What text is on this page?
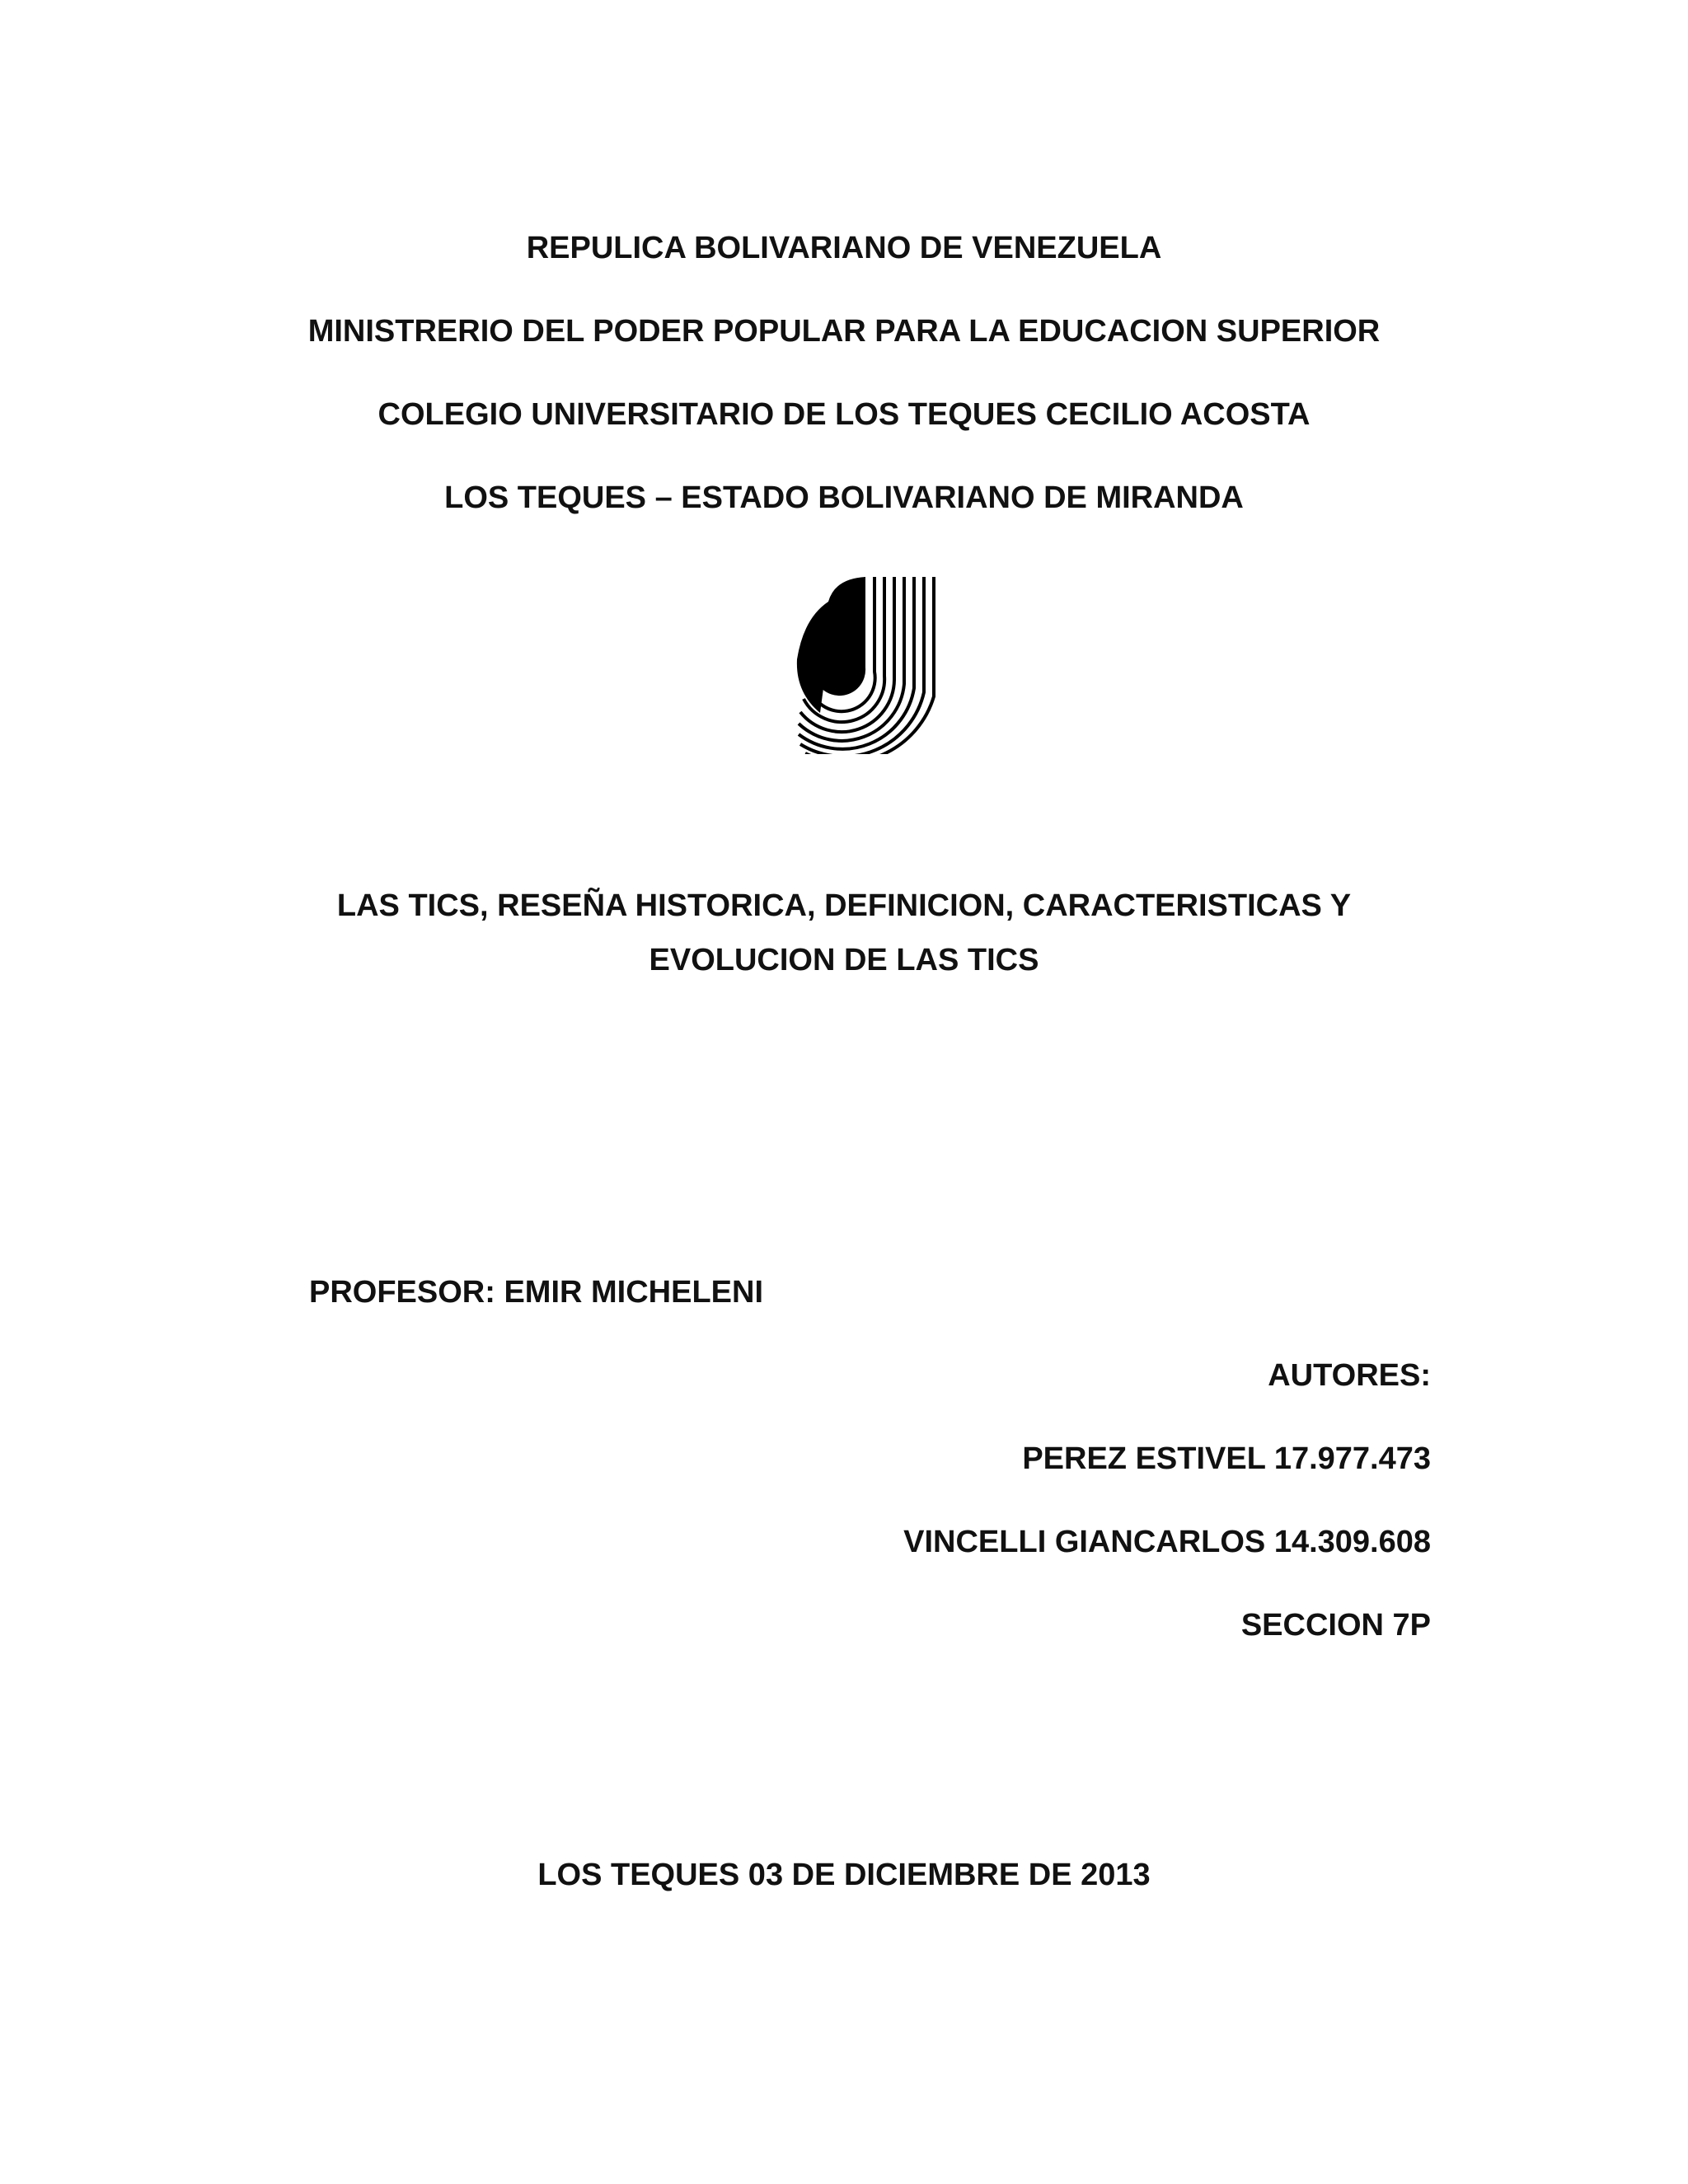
REPULICA BOLIVARIANO DE VENEZUELA

MINISTRERIO DEL PODER POPULAR PARA LA EDUCACION SUPERIOR

COLEGIO UNIVERSITARIO DE LOS TEQUES CECILIO ACOSTA

LOS TEQUES – ESTADO BOLIVARIANO DE MIRANDA

LAS TICS, RESEÑA HISTORICA, DEFINICION, CARACTERISTICAS Y

EVOLUCION DE LAS TICS

PROFESOR: EMIR MICHELENI

AUTORES:

PEREZ ESTIVEL 17.977.473

VINCELLI GIANCARLOS 14.309.608

SECCION 7P

LOS TEQUES 03 DE DICIEMBRE DE 2013
